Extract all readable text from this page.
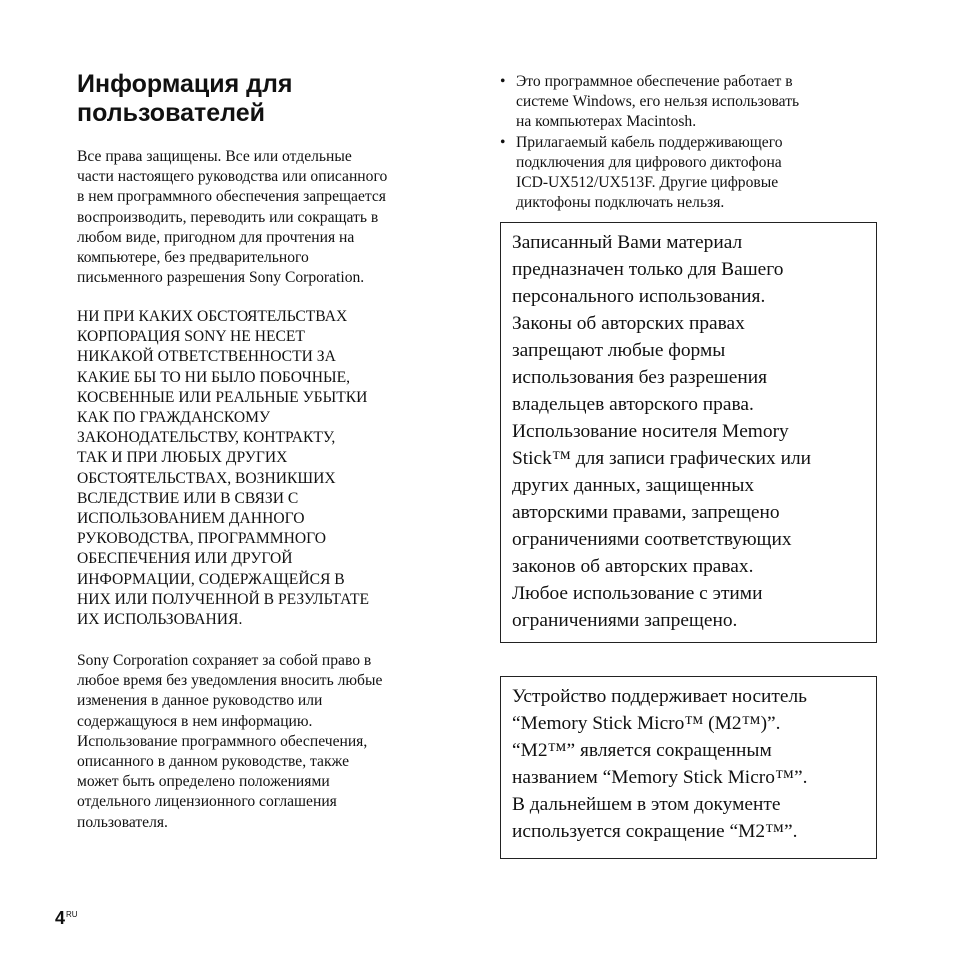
Информация для
пользователей
Все права защищены. Все или отдельные
части настоящего руководства или описанного
в нем программного обеспечения запрещается
воспроизводить, переводить или сокращать в
любом виде, пригодном для прочтения на
компьютере, без предварительного
письменного разрешения Sony Corporation.
НИ ПРИ КАКИХ ОБСТОЯТЕЛЬСТВАХ
КОРПОРАЦИЯ SONY НЕ НЕСЕТ
НИКАКОЙ ОТВЕТСТВЕННОСТИ ЗА
КАКИЕ БЫ ТО НИ БЫЛО ПОБОЧНЫЕ,
КОСВЕННЫЕ ИЛИ РЕАЛЬНЫЕ УБЫТКИ
КАК ПО ГРАЖДАНСКОМУ
ЗАКОНОДАТЕЛЬСТВУ, КОНТРАКТУ,
ТАК И ПРИ ЛЮБЫХ ДРУГИХ
ОБСТОЯТЕЛЬСТВАХ, ВОЗНИКШИХ
ВСЛЕДСТВИЕ ИЛИ В СВЯЗИ С
ИСПОЛЬЗОВАНИЕМ ДАННОГО
РУКОВОДСТВА, ПРОГРАММНОГО
ОБЕСПЕЧЕНИЯ ИЛИ ДРУГОЙ
ИНФОРМАЦИИ, СОДЕРЖАЩЕЙСЯ В
НИХ ИЛИ ПОЛУЧЕННОЙ В РЕЗУЛЬТАТЕ
ИХ ИСПОЛЬЗОВАНИЯ.
Sony Corporation сохраняет за собой право в
любое время без уведомления вносить любые
изменения в данное руководство или
содержащуюся в нем информацию.
Использование программного обеспечения,
описанного в данном руководстве, также
может быть определено положениями
отдельного лицензионного соглашения
пользователя.
• Это программное обеспечение работает в
системе Windows, его нельзя использовать
на компьютерах Macintosh.
• Прилагаемый кабель поддерживающего
подключения для цифрового диктофона
ICD-UX512/UX513F. Другие цифровые
диктофоны подключать нельзя.
Записанный Вами материал
предназначен только для Вашего
персонального использования.
Законы об авторских правах
запрещают любые формы
использования без разрешения
владельцев авторского права.
Использование носителя Memory
Stick™ для записи графических или
других данных, защищенных
авторскими правами, запрещено
ограничениями соответствующих
законов об авторских правах.
Любое использование с этими
ограничениями запрещено.
Устройство поддерживает носитель
“Memory Stick Micro™ (M2™)”.
“M2™” является сокращенным
названием “Memory Stick Micro™”.
В дальнейшем в этом документе
используется сокращение “M2™”.
$4^{RU}$
